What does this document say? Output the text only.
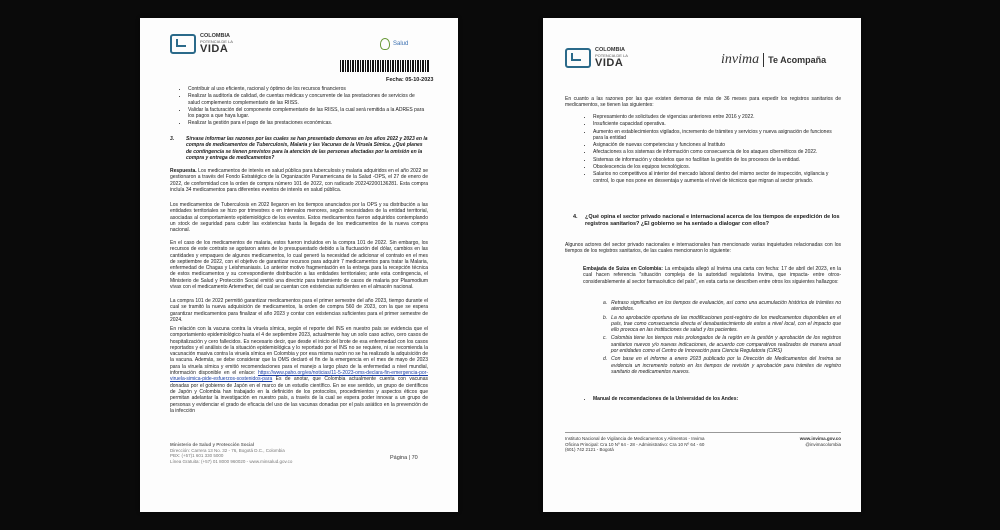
COLOMBIA
POTENCIA DE LA
VIDA	Salud
Fecha: 05-10-2023
• Contribuir al uso eficiente, racional y óptimo de los recursos financieros
• Realizar la auditoría de calidad, de cuentas médicas y concurrente de las prestaciones de servicios de salud complemento complementario de las RIISS.
• Validar la facturación del componente complementario de las RIISS, la cual será remitida a la ADRES para los pagos a que haya lugar.
• Realizar la gestión para el pago de las prestaciones económicas.
3.	Sírvase informar las razones por las cuales se han presentado demoras en los años 2022 y 2023 en la compra de medicamentos de Tuberculosis, Malaria y las Vacunas de la Viruela Símica. ¿Qué planes de contingencia se tienen previstos para la atención de las personas afectadas por la omisión en la compra y entrega de medicamentos?
Respuesta. Los medicamentos de interés en salud pública para tuberculosis y malaria adquiridos en el año 2022 se gestionaron a través del Fondo Estratégico de la Organización Panamericana de la Salud -OPS, el 27 de enero de 2022, de conformidad con la orden de compra número 101 de 2022, con radicado 202242200136281. Esta compra incluía 34 medicamentos para diferentes eventos de interés en salud pública.
Los medicamentos de Tuberculosis en 2022 llegaron en los tiempos anunciados por la OPS y su distribución a las entidades territoriales se hizo por trimestres o en intervalos menores, según necesidades de la entidad territorial, asociadas al comportamiento epidemiológico de los eventos. Estos medicamentos fueron adquiridos contemplando un stock de seguridad para cubrir las existencias hasta la llegada de los medicamentos de la nueva compra nacional.
En el caso de los medicamentos de malaria, estos fueron incluidos en la compra 101 de 2022. Sin embargo, los recursos de este contrato se agotaron antes de lo presupuestado debido a la fluctuación del dólar, cambios en las cantidades y empaques de algunos medicamentos, lo cual generó la necesidad de adicionar el contrato en el mes de septiembre de 2022, con el objetivo de garantizar recursos para adquirir 7 medicamentos para tratar la Malaria, enfermedad de Chagas y Leishmaniasis. Lo anterior motivo fragmentación en la entrega para la recepción técnica de estos medicamentos y su correspondiente distribución a las entidades territoriales; ante esta contingencia, el Ministerio de Salud y Protección Social emitió una directriz para tratamiento de casos de malaria por Plasmodium vivax con el medicamento Artemether, del cual se cuentan con existencias suficientes en el almacén nacional.
La compra 101 de 2022 permitió garantizar medicamentos para el primer semestre del año 2023, tiempo durante el cual se tramitó la nueva adquisición de medicamentos, la orden de compra 560 de 2023, con la que se espera garantizar medicamentos para finalizar el año 2023 y contar con existencias suficientes para el primer semestre de 2024.
En relación con la vacuna contra la viruela símica, según el reporte del INS en nuestro país se evidencia que el comportamiento epidemiológico hasta el 4 de septiembre 2023, actualmente hay un solo caso activo, cero casos de hospitalización y cero fallecidos. Es necesario decir, que desde el inicio del brote de esa enfermedad con los casos reportados y el análisis de la situación epidemiológica y lo reportado por el INS no se requiere, ni se recomienda la vacunación masiva contra la viruela símica en Colombia y por esa misma razón no se ha realizado la adquisición de la vacuna. Además, se debe considerar que la OMS declaró el fin de la emergencia en el mes de mayo de 2023 para la viruela símica y emitió recomendaciones para el manejo a largo plazo de la enfermedad a nivel mundial, información disponible en el enlace: https://www.paho.org/es/noticias/11-5-2023-oms-declara-fin-emergencia-por-viruela-simica-pide-esfuerzos-sostenidos-para Es de anotar, que Colombia actualmente cuenta con vacunas donadas por el gobierno de Japón en el marco de un estudio científico. En se ese sentido, un grupo de científicos de Japón y Colombia han trabajado en la definición de los protocolos, procedimientos y aspectos éticos que permitan adelantar la investigación en nuestro país, a través de la cual se espera poder innovar a un grupo de personas y evidenciar el grado de eficacia del uso de las vacunas donadas por el país asiático en la prevención de la infección
Ministerio de Salud y Protección Social
Dirección: Carrera 13 No. 32 - 76, Bogotá D.C., Colombia
PBX: (+57)1 601 330 5000
Línea Gratuita: (+57) 01 8000 960020 - www.minsalud.gov.co	Página | 70
COLOMBIA
POTENCIA DE LA
VIDA	invima Te Acompaña
En cuanto a las razones por las que existen demoras de más de 36 meses para expedir los registros sanitarios de medicamentos, se tienen las siguientes:
• Represamiento de solicitudes de vigencias anteriores entre 2016 y 2022.
• Insuficiente capacidad operativa.
• Aumento en establecimientos vigilados, incremento de trámites y servicios y nueva asignación de funciones para la entidad
• Asignación de nuevas competencias y funciones al Instituto
• Afectaciones a los sistemas de información como consecuencia de los ataques cibernéticos de 2022.
• Sistemas de información y obsoletos que no facilitan la gestión de los procesos de la entidad.
• Obsolescencia de los equipos tecnológicos.
• Salarios no competitivos al interior del mercado laboral dentro del mismo sector de inspección, vigilancia y control, lo que nos pone en desventaja y aumenta el nivel de técnicos que migran al sector privado.
4.	¿Qué opina el sector privado nacional e internacional acerca de los tiempos de expedición de los registros sanitarios? ¿El gobierno se ha sentado a dialogar con ellos?
Algunos actores del sector privado nacionales e internacionales han mencionado varias inquietudes relacionadas con los tiempos de los registros sanitarios, de las cuales mencionaron lo siguiente:
Embajada de Suiza en Colombia: La embajada allegó al Invima una carta con fecha: 17 de abril del 2023, en la cual hacen referencia "situación compleja de la autoridad regulatoria Invima, que impacta- entre otros- considerablemente al sector farmacéutico del país", en esta carta se describen entre otros los siguientes hallazgos:
a. Retraso significativo en los tiempos de evaluación, así como una acumulación histórica de trámites no atendidos.
b. La no aprobación oportuna de las modificaciones post-registro de los medicamentos disponibles en el país, trae como consecuencia directa el desabastecimiento de estos a nivel local, con el impacto que ello provoca en las instituciones de salud y los pacientes.
c. Colombia tiene los tiempos más prolongados de la región en la gestión y aprobación de los registros sanitarios nuevos y/o nuevas indicaciones, de acuerdo con comparativos realizados de manera anual por entidades como el Centro de Innovación para Ciencia Regulatoria (CIRS)
d. Con base en el informe a enero 2023 publicado por la Dirección de Medicamentos del Invima se evidencia un incremento notorio en los tiempos de revisión y aprobación para trámites de registro sanitario de medicamentos nuevos.
• Manual de recomendaciones de la Universidad de los Andes:
Instituto Nacional de Vigilancia de Medicamentos y Alimentos - Invima
Oficina Principal: Cra 10 Nº 64 - 28 - Administrativo: Cra 10 Nº 64 - 60
(601) 742 2121 - Bogotá
www.invima.gov.co
@invimacolombia
